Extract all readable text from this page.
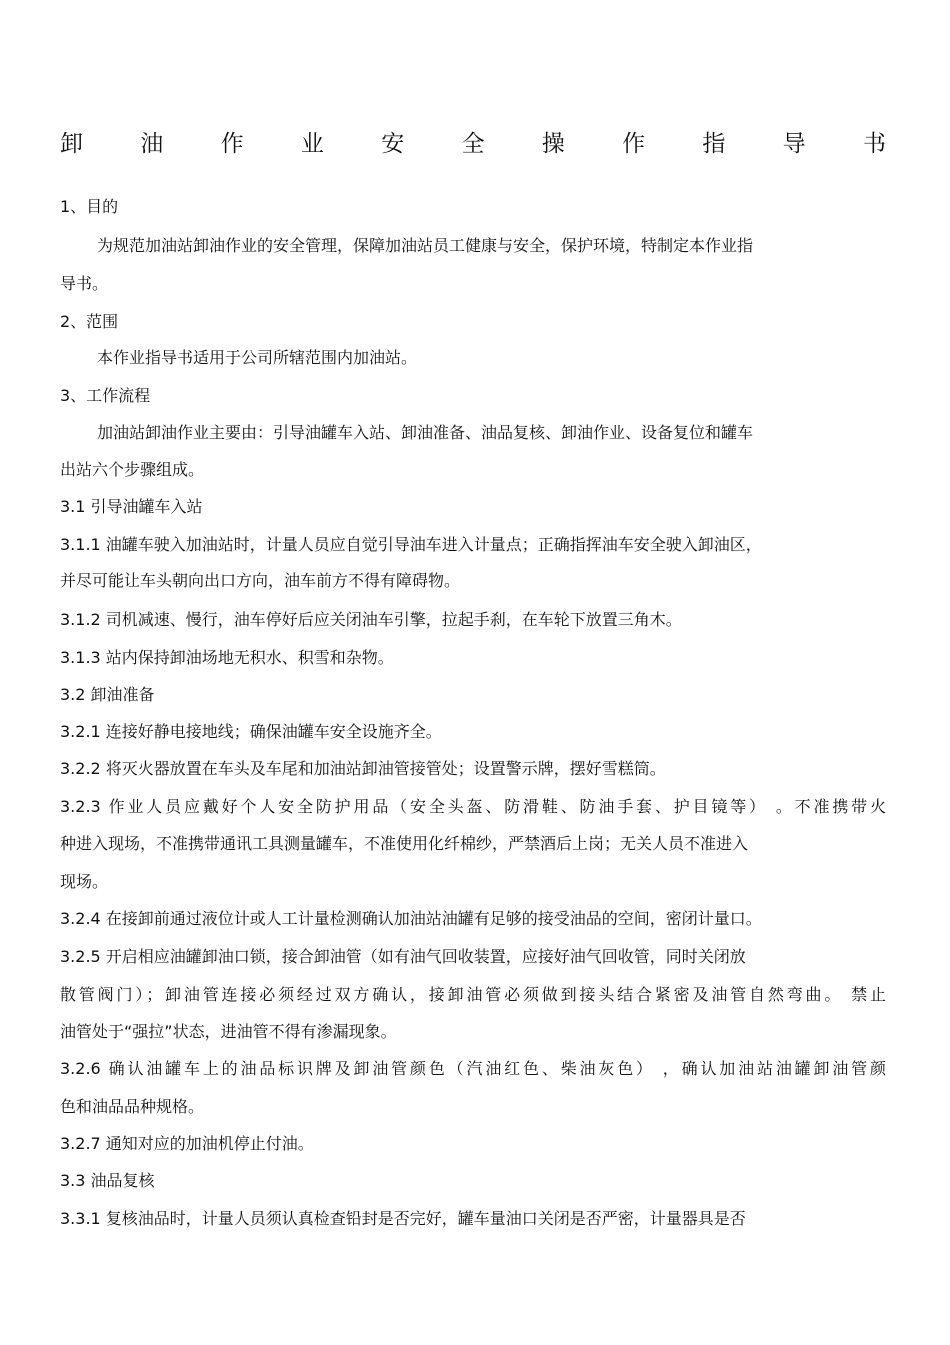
卸 油 作 业 安 全 操 作 指 导 书
1、目的
为规范加油站卸油作业的安全管理，保障加油站员工健康与安全，保护环境，特制定本作业指
导书。
2、范围
本作业指导书适用于公司所辖范围内加油站。
3、工作流程
加油站卸油作业主要由：引导油罐车入站、卸油准备、油品复核、卸油作业、设备复位和罐车
出站六个步骤组成。
3.1 引导油罐车入站
3.1.1 油罐车驶入加油站时，计量人员应自觉引导油车进入计量点；正确指挥油车安全驶入卸油区，
并尽可能让车头朝向出口方向，油车前方不得有障碍物。
3.1.2 司机减速、慢行，油车停好后应关闭油车引擎，拉起手刹，在车轮下放置三角木。
3.1.3 站内保持卸油场地无积水、积雪和杂物。
3.2 卸油准备
3.2.1 连接好静电接地线；确保油罐车安全设施齐全。
3.2.2 将灭火器放置在车头及车尾和加油站卸油管接管处；设置警示牌，摆好雪糕筒。
3.2.3 作业人员应戴好个人安全防护用品（安全头盔、防滑鞋、防油手套、护目镜等） 。不准携带火
种进入现场，不准携带通讯工具测量罐车，不准使用化纤棉纱，严禁酒后上岗；无关人员不准进入
现场。
3.2.4 在接卸前通过液位计或人工计量检测确认加油站油罐有足够的接受油品的空间，密闭计量口。
3.2.5 开启相应油罐卸油口锁，接合卸油管（如有油气回收装置，应接好油气回收管，同时关闭放
散管阀门）；卸油管连接必须经过双方确认，接卸油管必须做到接头结合紧密及油管自然弯曲。 禁止
油管处于“强拉”状态，进油管不得有渗漏现象。
3.2.6 确认油罐车上的油品标识牌及卸油管颜色（汽油红色、柴油灰色） ，确认加油站油罐卸油管颜
色和油品品种规格。
3.2.7 通知对应的加油机停止付油。
3.3 油品复核
3.3.1 复核油品时，计量人员须认真检查铅封是否完好，罐车量油口关闭是否严密，计量器具是否
